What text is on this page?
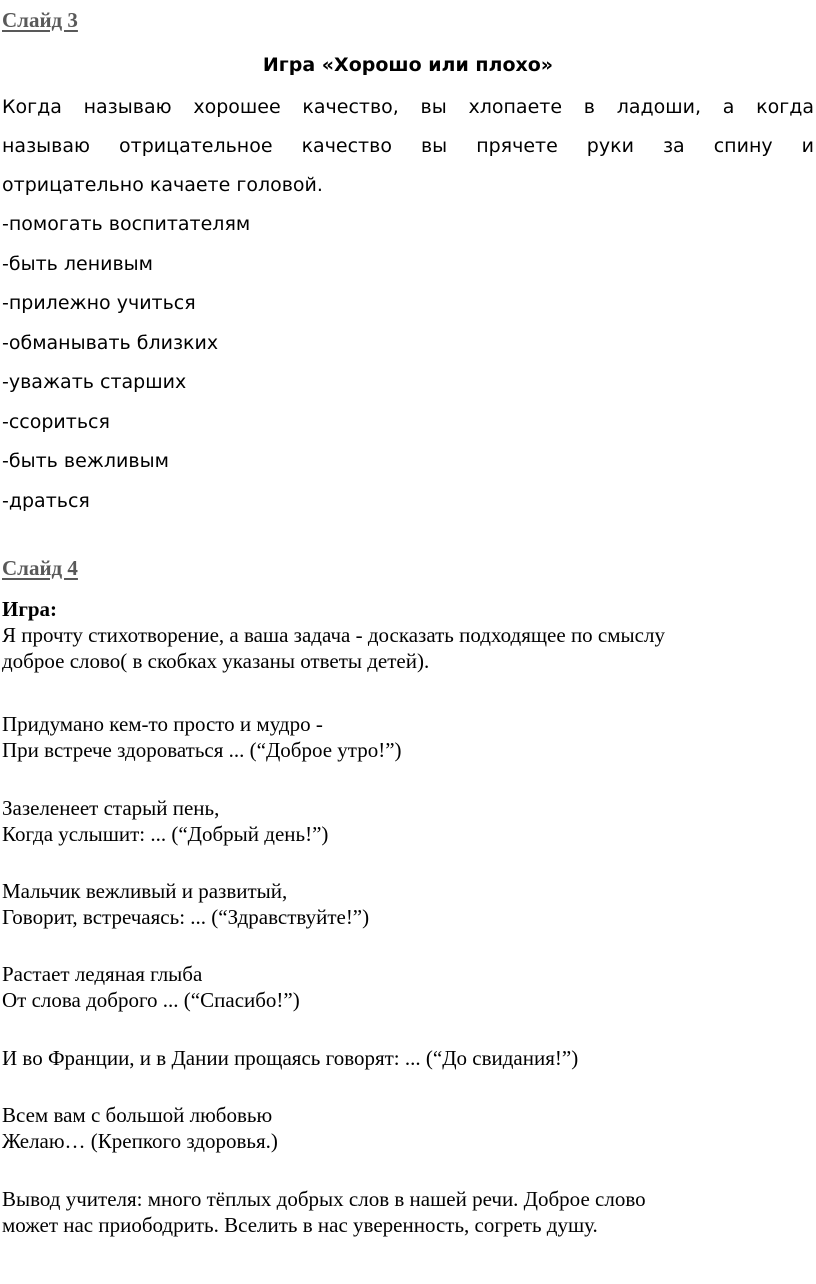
Слайд 3
Игра «Хорошо или плохо»
Когда называю хорошее качество, вы хлопаете в ладоши, а когда
называю отрицательное качество вы прячете руки за спину и
отрицательно качаете головой.
-помогать воспитателям
-быть ленивым
-прилежно учиться
-обманывать близких
-уважать старших
-ссориться
-быть вежливым
-драться
Слайд 4
Игра:
Я прочту стихотворение, а ваша задача - досказать подходящее по смыслу
доброе слово( в скобках указаны ответы детей).
Придумано кем-то просто и мудро -
При встрече здороваться ... (“Доброе утро!”)
Зазеленеет старый пень,
Когда услышит: ... (“Добрый день!”)
Мальчик вежливый и развитый,
Говорит, встречаясь: ... (“Здравствуйте!”)
Растает ледяная глыба
От слова доброго ... (“Спасибо!”)
И во Франции, и в Дании прощаясь говорят: ... (“До свидания!”)
Всем вам с большой любовью
Желаю… (Крепкого здоровья.)
Вывод учителя: много тёплых добрых слов в нашей речи. Доброе слово
может нас приободрить. Вселить в нас уверенность, согреть душу.
